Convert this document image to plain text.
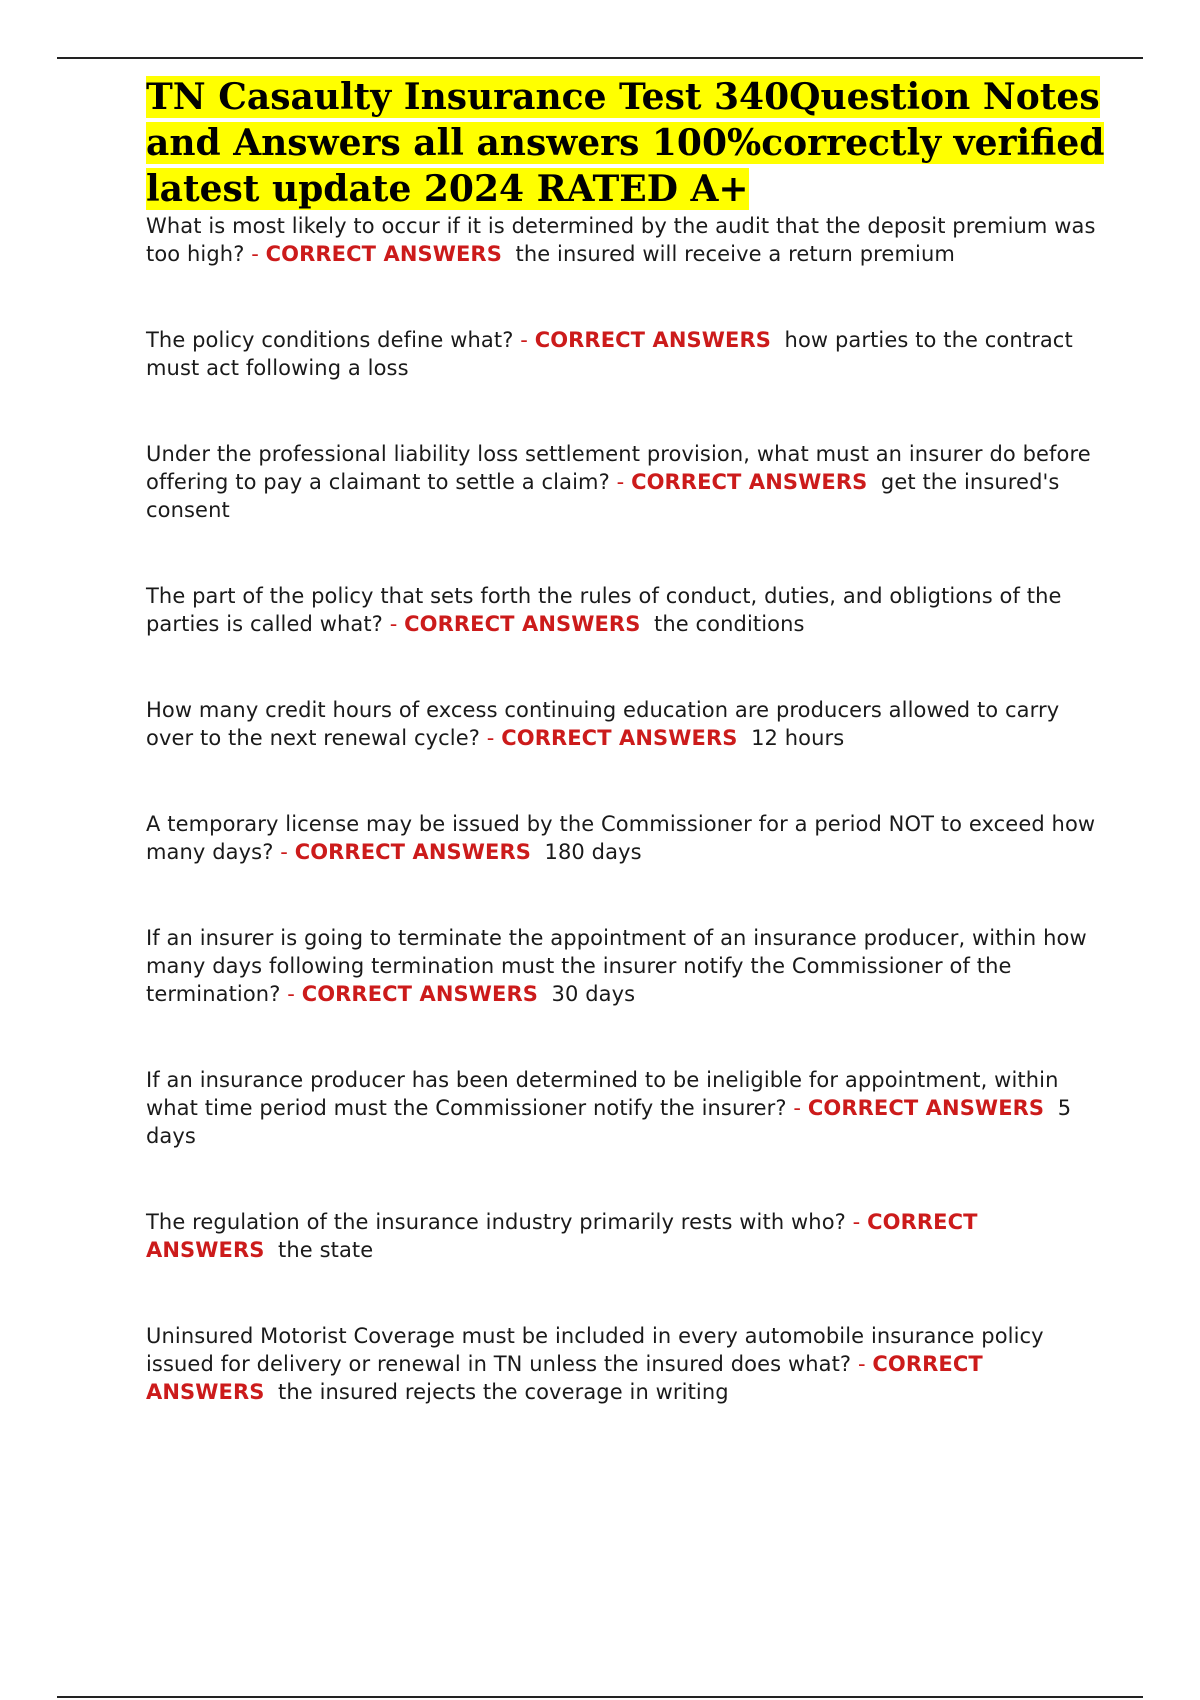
TN Casaulty Insurance Test 340Question Notes and Answers all answers 100%correctly verified latest update 2024 RATED A+

What is most likely to occur if it is determined by the audit that the deposit premium was too high? - CORRECT ANSWERS the insured will receive a return premium

The policy conditions define what? - CORRECT ANSWERS how parties to the contract must act following a loss

Under the professional liability loss settlement provision, what must an insurer do before offering to pay a claimant to settle a claim? - CORRECT ANSWERS get the insured's consent

The part of the policy that sets forth the rules of conduct, duties, and obligtions of the parties is called what? - CORRECT ANSWERS the conditions

How many credit hours of excess continuing education are producers allowed to carry over to the next renewal cycle? - CORRECT ANSWERS 12 hours

A temporary license may be issued by the Commissioner for a period NOT to exceed how many days? - CORRECT ANSWERS 180 days

If an insurer is going to terminate the appointment of an insurance producer, within how many days following termination must the insurer notify the Commissioner of the termination? - CORRECT ANSWERS 30 days

If an insurance producer has been determined to be ineligible for appointment, within what time period must the Commissioner notify the insurer? - CORRECT ANSWERS 5 days

The regulation of the insurance industry primarily rests with who? - CORRECT ANSWERS the state

Uninsured Motorist Coverage must be included in every automobile insurance policy issued for delivery or renewal in TN unless the insured does what? - CORRECT ANSWERS the insured rejects the coverage in writing
